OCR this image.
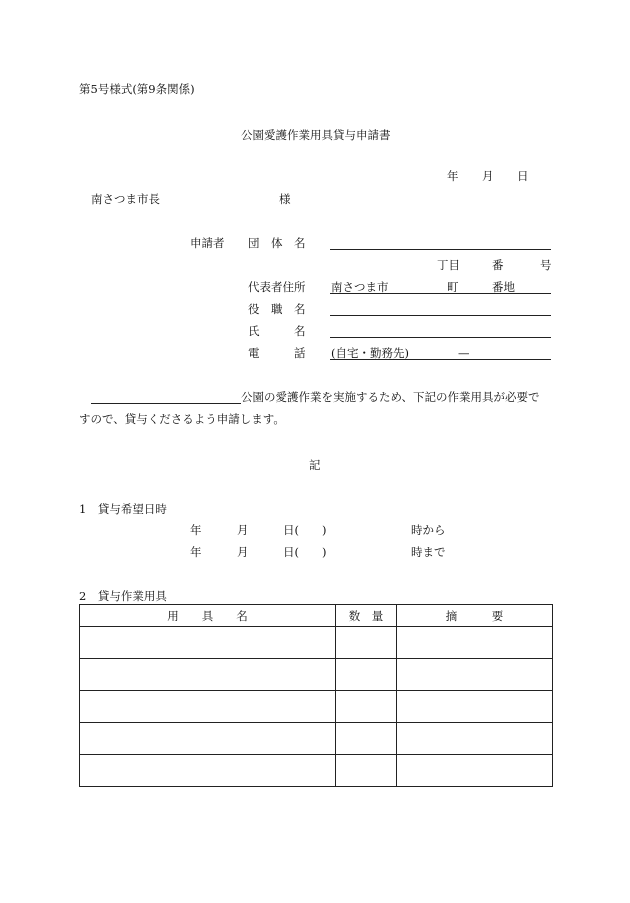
第5号様式(第9条関係)
公園愛護作業用具貸与申請書
年 月 日
南さつま市長	様
申請者 団　体　名
丁目	番	号
代表者住所 南さつま市	町	番地
役　職　名
氏　　　名
電　　　話 (自宅・勤務先)	—
公園の愛護作業を実施するため、下記の作業用具が必要で
すので、貸与くださるよう申請します。
記
1　貸与希望日時
年	月	日(　　)	時から
年	月	日(　　)	時まで
2　貸与作業用具
用　　具　　名	数　量	摘　　　要
